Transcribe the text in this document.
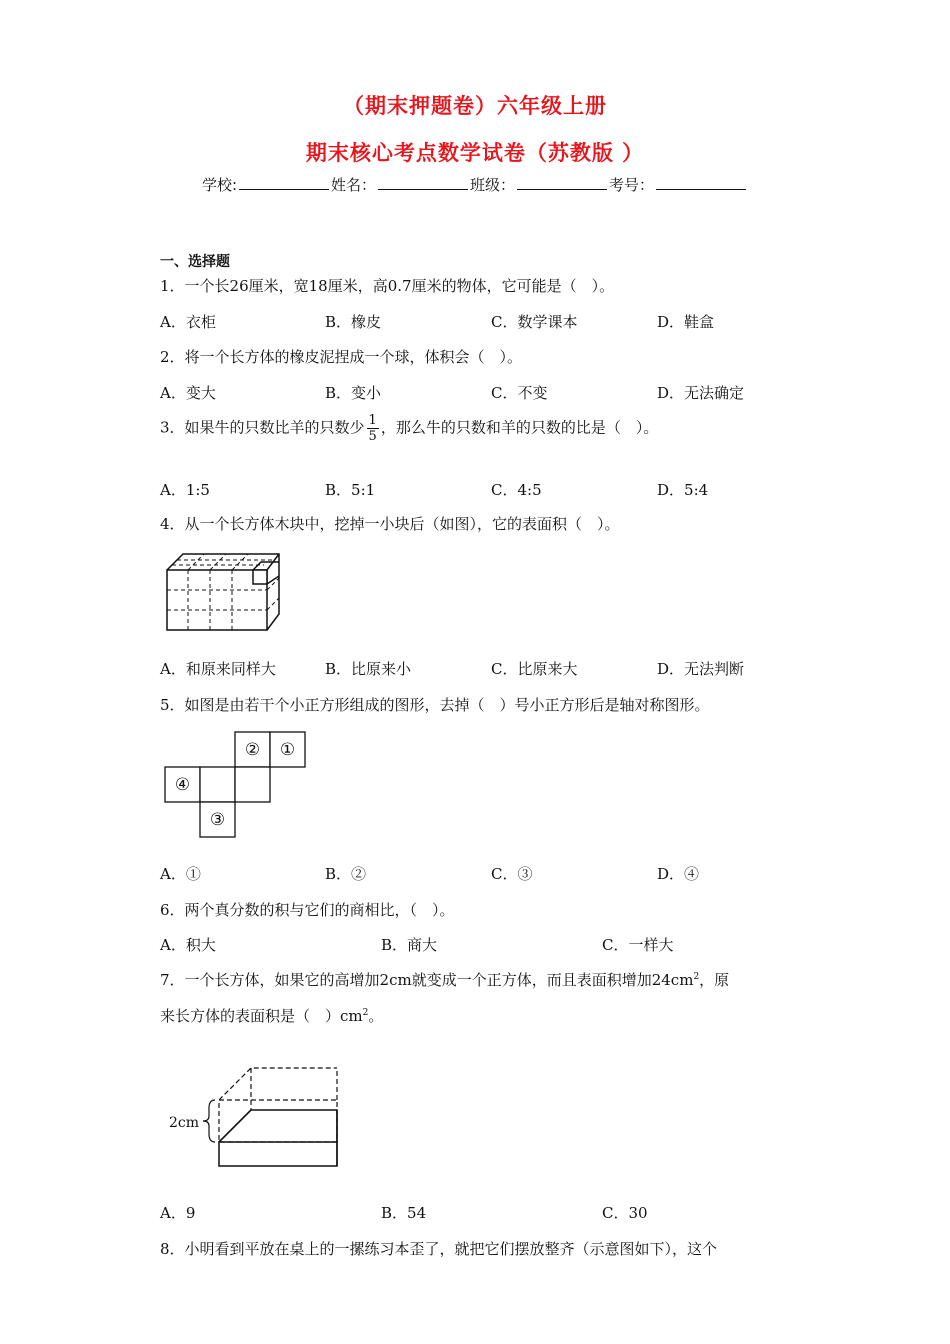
（期末押题卷）六年级上册
期末核心考点数学试卷（苏教版 ）
学校:	姓名：	班级：	考号：
一、选择题
1．一个长26厘米，宽18厘米，高0.7厘米的物体，它可能是（　）。
A．衣柜	B．橡皮	C．数学课本	D．鞋盒
2．将一个长方体的橡皮泥捏成一个球，体积会（　）。
A．变大	B．变小	C．不变	D．无法确定
3．如果牛的只数比羊的只数少 $\frac{1}{5}$ ，那么牛的只数和羊的只数的比是（　）。
A．1:5	B．5:1	C．4:5	D．5:4
4．从一个长方体木块中，挖掉一小块后（如图），它的表面积（　）。
A．和原来同样大	B．比原来小	C．比原来大	D．无法判断
5．如图是由若干个小正方形组成的图形，去掉（　）号小正方形后是轴对称图形。
② ①
④
③
A．①	B．②	C．③	D．④
6．两个真分数的积与它们的商相比，（　）。
A．积大	B．商大	C．一样大
7．一个长方体，如果它的高增加2cm就变成一个正方体，而且表面积增加$24cm^2$，原
来长方体的表面积是（　）$cm^2$。
2cm
A．9	B．54	C．30
8．小明看到平放在桌上的一摞练习本歪了，就把它们摆放整齐（示意图如下），这个
